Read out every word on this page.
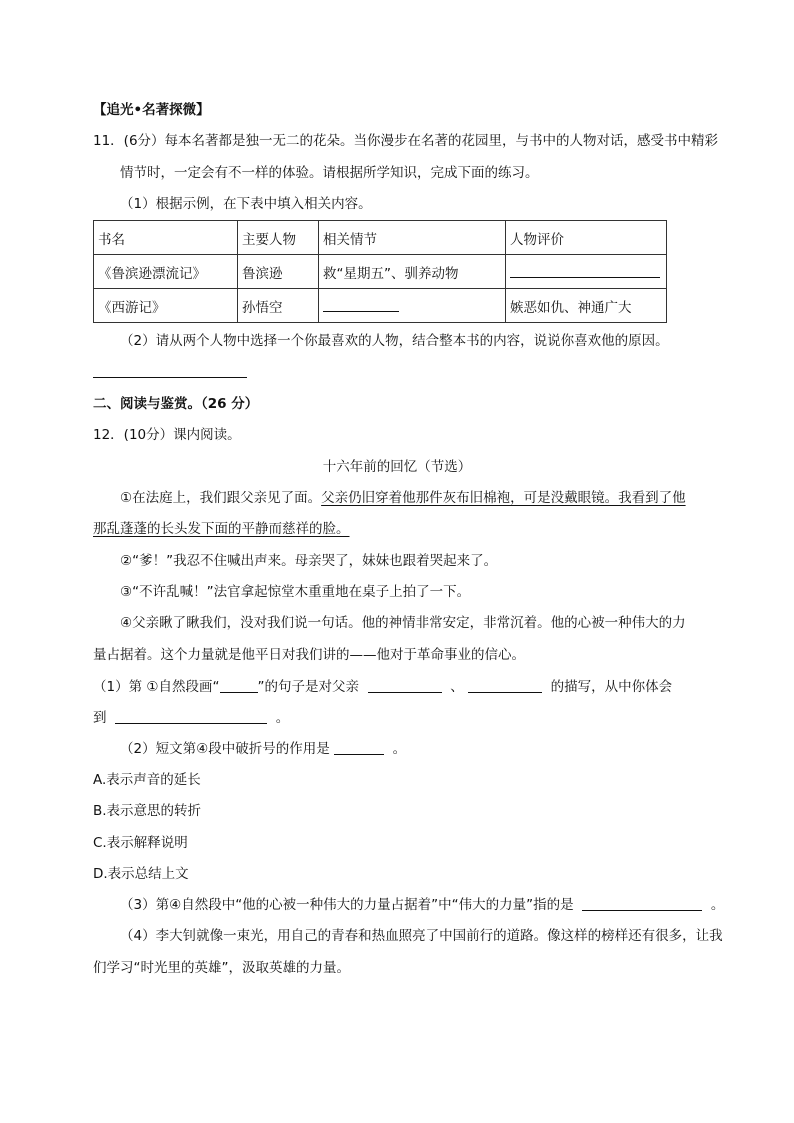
【追光•名著探微】
11．(6分）每本名著都是独一无二的花朵。当你漫步在名著的花园里，与书中的人物对话，感受书中精彩
情节时，一定会有不一样的体验。请根据所学知识，完成下面的练习。
（1）根据示例，在下表中填入相关内容。
书名	主要人物	相关情节	人物评价
《鲁滨逊漂流记》	鲁滨逊	救“星期五”、驯养动物	
《西游记》	孙悟空		嫉恶如仇、神通广大
（2）请从两个人物中选择一个你最喜欢的人物，结合整本书的内容，说说你喜欢他的原因。
二、阅读与鉴赏。（26 分）
12．(10分）课内阅读。
十六年前的回忆（节选）
①在法庭上，我们跟父亲见了面。父亲仍旧穿着他那件灰布旧棉袍，可是没戴眼镜。我看到了他
那乱蓬蓬的长头发下面的平静而慈祥的脸。
②“爹！”我忍不住喊出声来。母亲哭了，妹妹也跟着哭起来了。
③“不许乱喊！”法官拿起惊堂木重重地在桌子上拍了一下。
④父亲瞅了瞅我们，没对我们说一句话。他的神情非常安定，非常沉着。他的心被一种伟大的力
量占据着。这个力量就是他平日对我们讲的——他对于革命事业的信心。
（1）第 ①自然段画“	”的句子是对父亲	、	的描写，从中你体会
到	。
（2）短文第④段中破折号的作用是	。
A.表示声音的延长
B.表示意思的转折
C.表示解释说明
D.表示总结上文
（3）第④自然段中“他的心被一种伟大的力量占据着”中“伟大的力量”指的是	。
（4）李大钊就像一束光，用自己的青春和热血照亮了中国前行的道路。像这样的榜样还有很多，让我
们学习“时光里的英雄”，汲取英雄的力量。
